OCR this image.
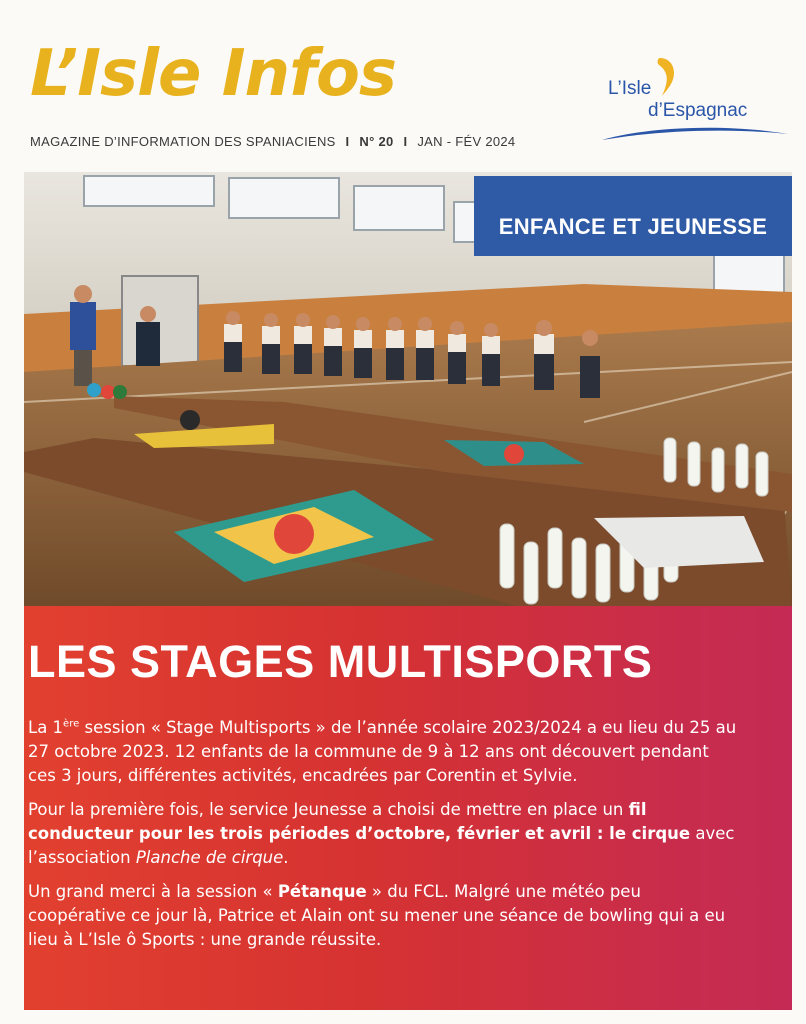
L’Isle Infos
MAGAZINE D’INFORMATION DES SPANIACIENS I N° 20 I JAN - FÉV 2024
L’Isle
d’Espagnac
ENFANCE ET JEUNESSE
LES STAGES MULTISPORTS

La 1ère session « Stage Multisports » de l’année scolaire 2023/2024 a eu lieu du 25 au 27 octobre 2023. 12 enfants de la commune de 9 à 12 ans ont découvert pendant ces 3 jours, différentes activités, encadrées par Corentin et Sylvie.

Pour la première fois, le service Jeunesse a choisi de mettre en place un fil conducteur pour les trois périodes d’octobre, février et avril : le cirque avec l’association Planche de cirque.

Un grand merci à la session « Pétanque » du FCL. Malgré une météo peu coopérative ce jour là, Patrice et Alain ont su mener une séance de bowling qui a eu lieu à L’Isle ô Sports : une grande réussite.
